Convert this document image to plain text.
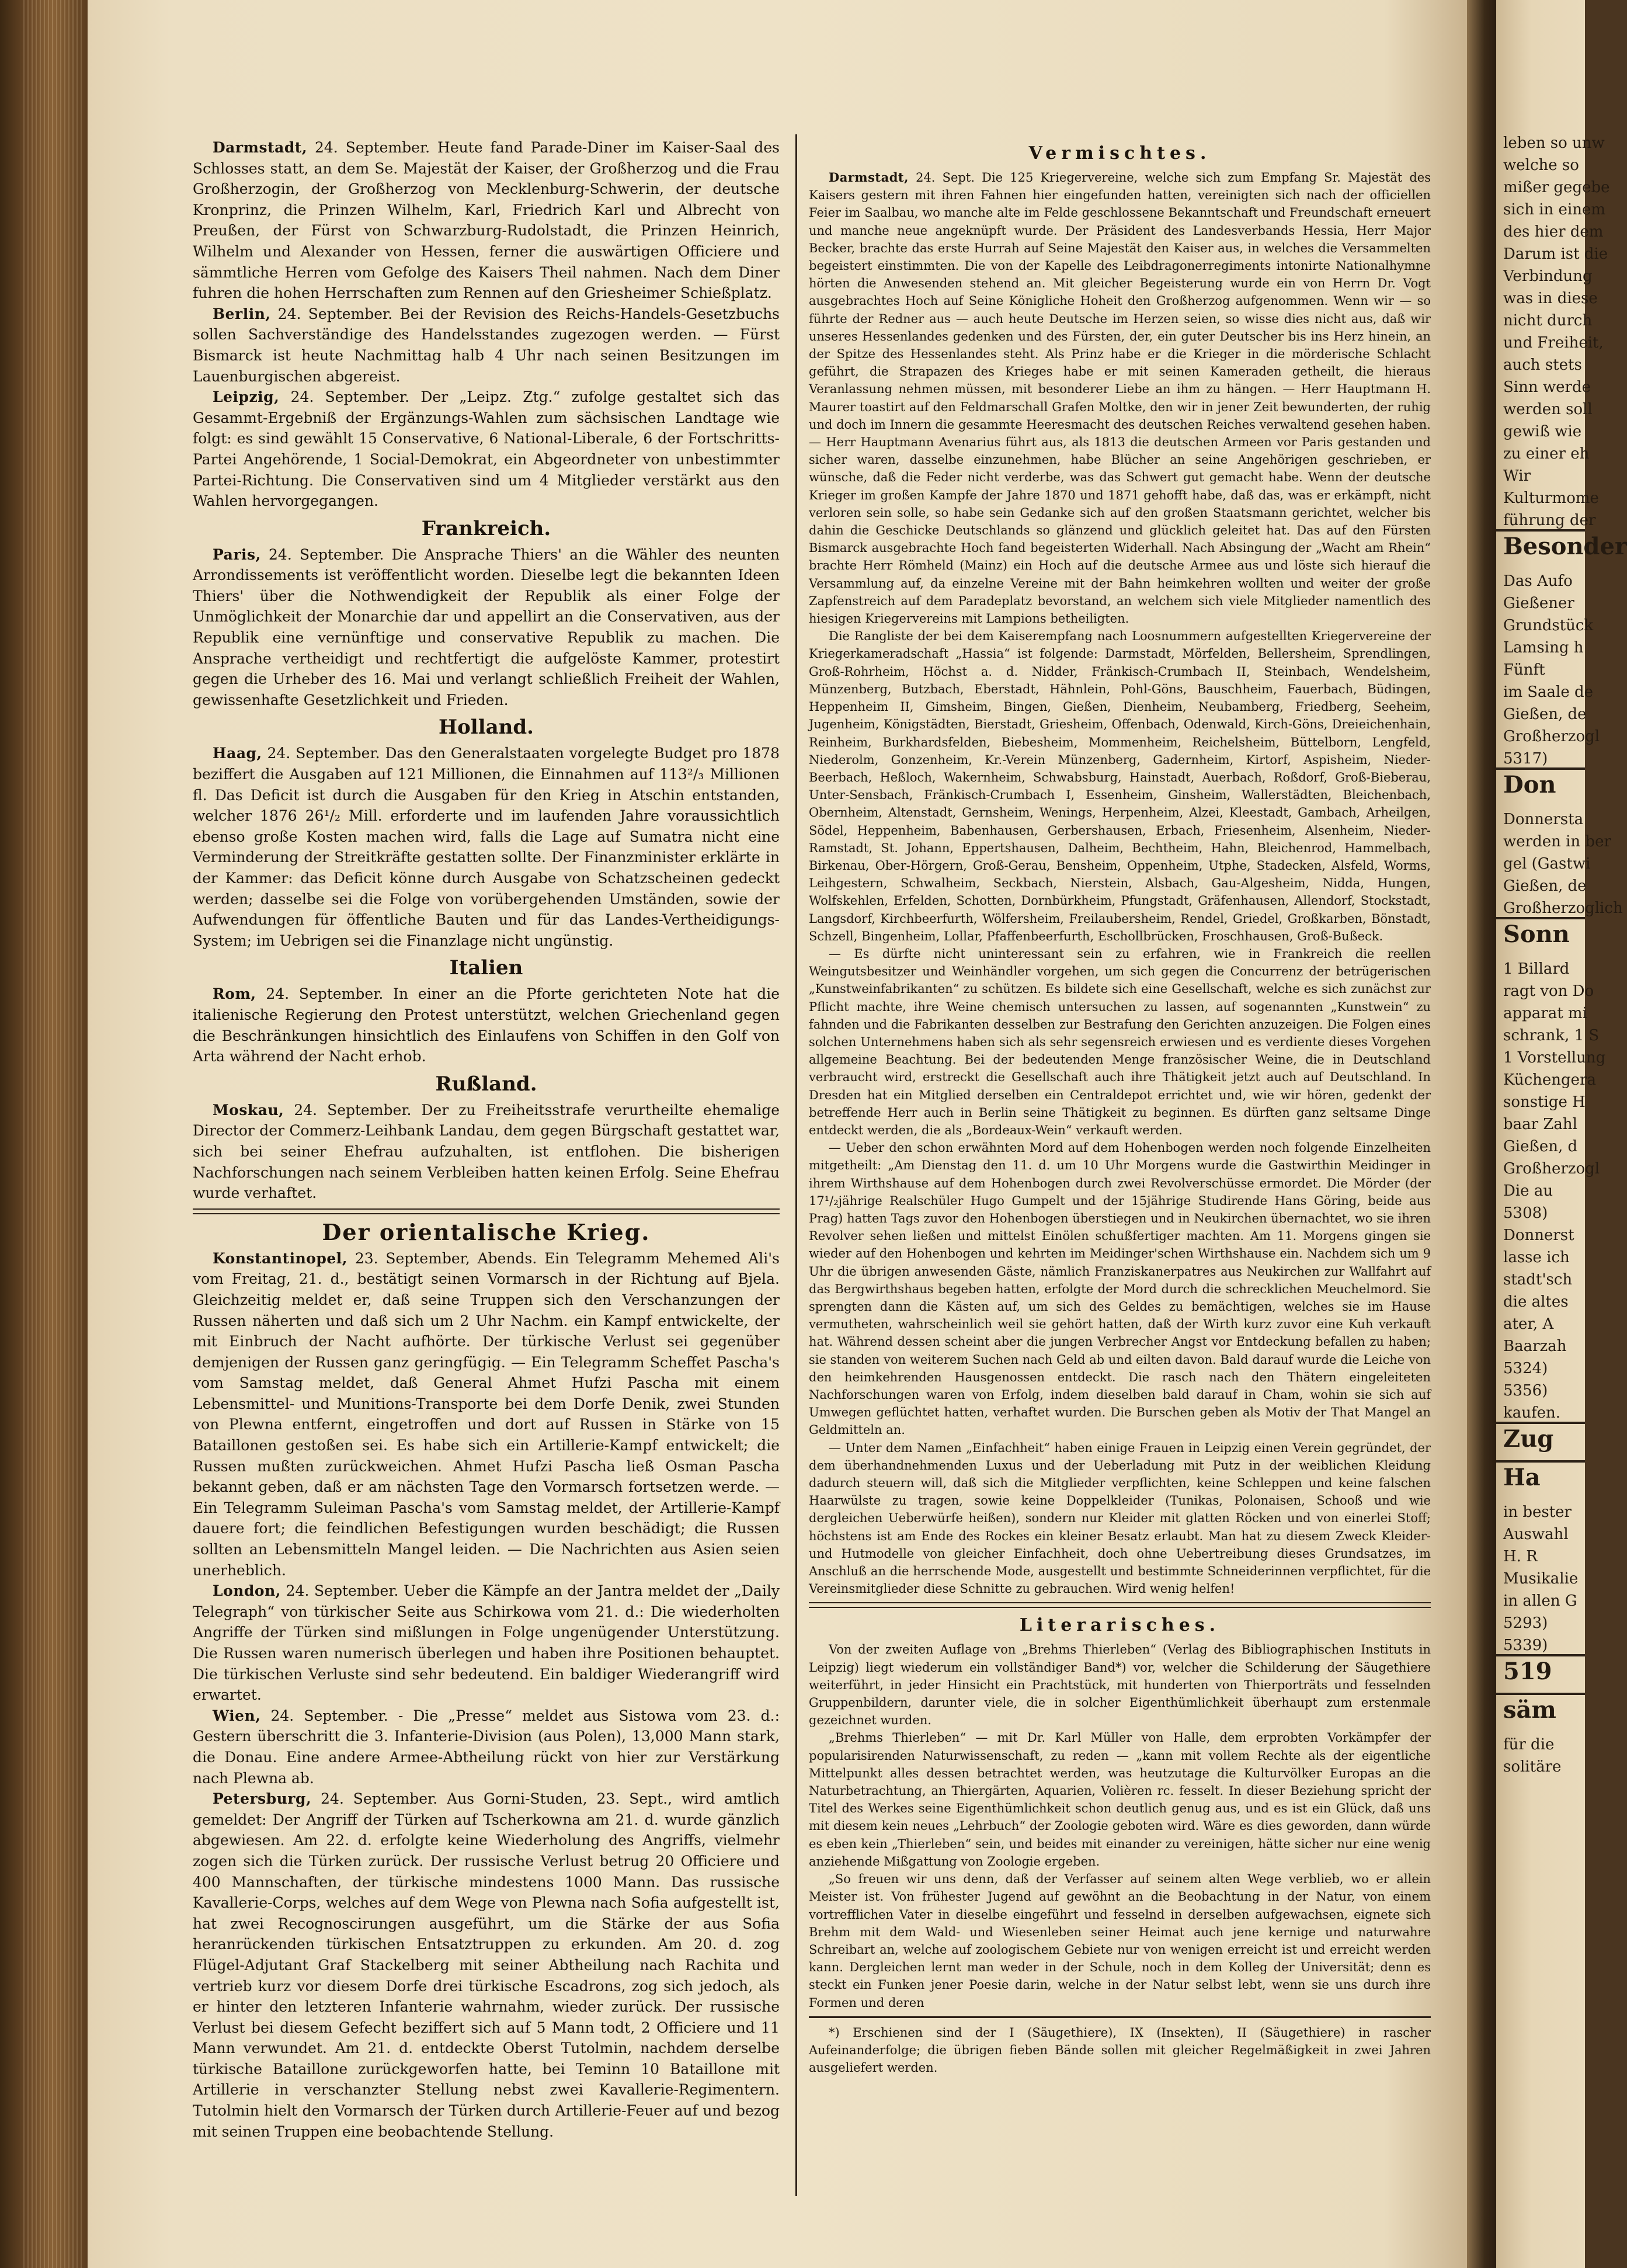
leben so unw
welche so
mißer gegebe
sich in einem
des hier dem
Darum ist die
Verbindung
was in diese
nicht durch
und Freiheit,
auch stets
Sinn werde
werden soll
gewiß wie
zu einer eh
Wir
Kulturmome
führung der
Besonder
Das Aufo
Gießener
Grundstück
Lamsing h
Fünft
im Saale de
Gießen, de
Großherzogl
5317)
Don
Donnersta
werden in ber
gel (Gastwi
Gießen, de
Großherzoglich
Sonn
1 Billard
ragt von Do
apparat mi
schrank, 1 S
1 Vorstellung
Küchengera
sonstige H
baar Zahl
Gießen, d
Großherzogl
Die au
5308)
Donnerst
lasse ich
stadt'sch
die altes
ater, A
Baarzah
5324)
5356)
kaufen.
Zug
Ha
in bester
Auswahl
H. R
Musikalie
in allen G
5293)
5339)
519
säm
für die
solitäre

Darmstadt, 24. September. Heute fand Parade-Diner im Kaiser-Saal des Schlosses statt, an dem Se. Majestät der Kaiser, der Großherzog und die Frau Großherzogin, der Großherzog von Mecklenburg-Schwerin, der deutsche Kronprinz, die Prinzen Wilhelm, Karl, Friedrich Karl und Albrecht von Preußen, der Fürst von Schwarzburg-Rudolstadt, die Prinzen Heinrich, Wilhelm und Alexander von Hessen, ferner die auswärtigen Officiere und sämmtliche Herren vom Gefolge des Kaisers Theil nahmen. Nach dem Diner fuhren die hohen Herrschaften zum Rennen auf den Griesheimer Schießplatz.

Berlin, 24. September. Bei der Revision des Reichs-Handels-Gesetzbuchs sollen Sachverständige des Handelsstandes zugezogen werden. — Fürst Bismarck ist heute Nachmittag halb 4 Uhr nach seinen Besitzungen im Lauenburgischen abgereist.

Leipzig, 24. September. Der „Leipz. Ztg.“ zufolge gestaltet sich das Gesammt-Ergebniß der Ergänzungs-Wahlen zum sächsischen Landtage wie folgt: es sind gewählt 15 Conservative, 6 National-Liberale, 6 der Fortschritts-Partei Angehörende, 1 Social-Demokrat, ein Abgeordneter von unbestimmter Partei-Richtung. Die Conservativen sind um 4 Mitglieder verstärkt aus den Wahlen hervorgegangen.

Frankreich.

Paris, 24. September. Die Ansprache Thiers' an die Wähler des neunten Arrondissements ist veröffentlicht worden. Dieselbe legt die bekannten Ideen Thiers' über die Nothwendigkeit der Republik als einer Folge der Unmöglichkeit der Monarchie dar und appellirt an die Conservativen, aus der Republik eine vernünftige und conservative Republik zu machen. Die Ansprache vertheidigt und rechtfertigt die aufgelöste Kammer, protestirt gegen die Urheber des 16. Mai und verlangt schließlich Freiheit der Wahlen, gewissenhafte Gesetzlichkeit und Frieden.

Holland.

Haag, 24. September. Das den Generalstaaten vorgelegte Budget pro 1878 beziffert die Ausgaben auf 121 Millionen, die Einnahmen auf 113²/₃ Millionen fl. Das Deficit ist durch die Ausgaben für den Krieg in Atschin entstanden, welcher 1876 26¹/₂ Mill. erforderte und im laufenden Jahre voraussichtlich ebenso große Kosten machen wird, falls die Lage auf Sumatra nicht eine Verminderung der Streitkräfte gestatten sollte. Der Finanzminister erklärte in der Kammer: das Deficit könne durch Ausgabe von Schatzscheinen gedeckt werden; dasselbe sei die Folge von vorübergehenden Umständen, sowie der Aufwendungen für öffentliche Bauten und für das Landes-Vertheidigungs-System; im Uebrigen sei die Finanzlage nicht ungünstig.

Italien

Rom, 24. September. In einer an die Pforte gerichteten Note hat die italienische Regierung den Protest unterstützt, welchen Griechenland gegen die Beschränkungen hinsichtlich des Einlaufens von Schiffen in den Golf von Arta während der Nacht erhob.

Rußland.

Moskau, 24. September. Der zu Freiheitsstrafe verurtheilte ehemalige Director der Commerz-Leihbank Landau, dem gegen Bürgschaft gestattet war, sich bei seiner Ehefrau aufzuhalten, ist entflohen. Die bisherigen Nachforschungen nach seinem Verbleiben hatten keinen Erfolg. Seine Ehefrau wurde verhaftet.

Der orientalische Krieg.

Konstantinopel, 23. September, Abends. Ein Telegramm Mehemed Ali's vom Freitag, 21. d., bestätigt seinen Vormarsch in der Richtung auf Bjela. Gleichzeitig meldet er, daß seine Truppen sich den Verschanzungen der Russen näherten und daß sich um 2 Uhr Nachm. ein Kampf entwickelte, der mit Einbruch der Nacht aufhörte. Der türkische Verlust sei gegenüber demjenigen der Russen ganz geringfügig. — Ein Telegramm Scheffet Pascha's vom Samstag meldet, daß General Ahmet Hufzi Pascha mit einem Lebensmittel- und Munitions-Transporte bei dem Dorfe Denik, zwei Stunden von Plewna entfernt, eingetroffen und dort auf Russen in Stärke von 15 Bataillonen gestoßen sei. Es habe sich ein Artillerie-Kampf entwickelt; die Russen mußten zurückweichen. Ahmet Hufzi Pascha ließ Osman Pascha bekannt geben, daß er am nächsten Tage den Vormarsch fortsetzen werde. — Ein Telegramm Suleiman Pascha's vom Samstag meldet, der Artillerie-Kampf dauere fort; die feindlichen Befestigungen wurden beschädigt; die Russen sollten an Lebensmitteln Mangel leiden. — Die Nachrichten aus Asien seien unerheblich.

London, 24. September. Ueber die Kämpfe an der Jantra meldet der „Daily Telegraph“ von türkischer Seite aus Schirkowa vom 21. d.: Die wiederholten Angriffe der Türken sind mißlungen in Folge ungenügender Unterstützung. Die Russen waren numerisch überlegen und haben ihre Positionen behauptet. Die türkischen Verluste sind sehr bedeutend. Ein baldiger Wiederangriff wird erwartet.

Wien, 24. September. - Die „Presse“ meldet aus Sistowa vom 23. d.: Gestern überschritt die 3. Infanterie-Division (aus Polen), 13,000 Mann stark, die Donau. Eine andere Armee-Abtheilung rückt von hier zur Verstärkung nach Plewna ab.

Petersburg, 24. September. Aus Gorni-Studen, 23. Sept., wird amtlich gemeldet: Der Angriff der Türken auf Tscherkowna am 21. d. wurde gänzlich abgewiesen. Am 22. d. erfolgte keine Wiederholung des Angriffs, vielmehr zogen sich die Türken zurück. Der russische Verlust betrug 20 Officiere und 400 Mannschaften, der türkische mindestens 1000 Mann. Das russische Kavallerie-Corps, welches auf dem Wege von Plewna nach Sofia aufgestellt ist, hat zwei Recognoscirungen ausgeführt, um die Stärke der aus Sofia heranrückenden türkischen Entsatztruppen zu erkunden. Am 20. d. zog Flügel-Adjutant Graf Stackelberg mit seiner Abtheilung nach Rachita und vertrieb kurz vor diesem Dorfe drei türkische Escadrons, zog sich jedoch, als er hinter den letzteren Infanterie wahrnahm, wieder zurück. Der russische Verlust bei diesem Gefecht beziffert sich auf 5 Mann todt, 2 Officiere und 11 Mann verwundet. Am 21. d. entdeckte Oberst Tutolmin, nachdem derselbe türkische Bataillone zurückgeworfen hatte, bei Teminn 10 Bataillone mit Artillerie in verschanzter Stellung nebst zwei Kavallerie-Regimentern. Tutolmin hielt den Vormarsch der Türken durch Artillerie-Feuer auf und bezog mit seinen Truppen eine beobachtende Stellung.

Vermischtes.

Darmstadt, 24. Sept. Die 125 Kriegervereine, welche sich zum Empfang Sr. Majestät des Kaisers gestern mit ihren Fahnen hier eingefunden hatten, vereinigten sich nach der officiellen Feier im Saalbau, wo manche alte im Felde geschlossene Bekanntschaft und Freundschaft erneuert und manche neue angeknüpft wurde. Der Präsident des Landesverbands Hessia, Herr Major Becker, brachte das erste Hurrah auf Seine Majestät den Kaiser aus, in welches die Versammelten begeistert einstimmten. Die von der Kapelle des Leibdragonerregiments intonirte Nationalhymne hörten die Anwesenden stehend an. Mit gleicher Begeisterung wurde ein von Herrn Dr. Vogt ausgebrachtes Hoch auf Seine Königliche Hoheit den Großherzog aufgenommen. Wenn wir — so führte der Redner aus — auch heute Deutsche im Herzen seien, so wisse dies nicht aus, daß wir unseres Hessenlandes gedenken und des Fürsten, der, ein guter Deutscher bis ins Herz hinein, an der Spitze des Hessenlandes steht. Als Prinz habe er die Krieger in die mörderische Schlacht geführt, die Strapazen des Krieges habe er mit seinen Kameraden getheilt, die hieraus Veranlassung nehmen müssen, mit besonderer Liebe an ihm zu hängen. — Herr Hauptmann H. Maurer toastirt auf den Feldmarschall Grafen Moltke, den wir in jener Zeit bewunderten, der ruhig und doch im Innern die gesammte Heeresmacht des deutschen Reiches verwaltend gesehen haben. — Herr Hauptmann Avenarius führt aus, als 1813 die deutschen Armeen vor Paris gestanden und sicher waren, dasselbe einzunehmen, habe Blücher an seine Angehörigen geschrieben, er wünsche, daß die Feder nicht verderbe, was das Schwert gut gemacht habe. Wenn der deutsche Krieger im großen Kampfe der Jahre 1870 und 1871 gehofft habe, daß das, was er erkämpft, nicht verloren sein solle, so habe sein Gedanke sich auf den großen Staatsmann gerichtet, welcher bis dahin die Geschicke Deutschlands so glänzend und glücklich geleitet hat. Das auf den Fürsten Bismarck ausgebrachte Hoch fand begeisterten Widerhall. Nach Absingung der „Wacht am Rhein“ brachte Herr Römheld (Mainz) ein Hoch auf die deutsche Armee aus und löste sich hierauf die Versammlung auf, da einzelne Vereine mit der Bahn heimkehren wollten und weiter der große Zapfenstreich auf dem Paradeplatz bevorstand, an welchem sich viele Mitglieder namentlich des hiesigen Kriegervereins mit Lampions betheiligten.

Die Rangliste der bei dem Kaiserempfang nach Loosnummern aufgestellten Kriegervereine der Kriegerkameradschaft „Hassia“ ist folgende: Darmstadt, Mörfelden, Bellersheim, Sprendlingen, Groß-Rohrheim, Höchst a. d. Nidder, Fränkisch-Crumbach II, Steinbach, Wendelsheim, Münzenberg, Butzbach, Eberstadt, Hähnlein, Pohl-Göns, Bauschheim, Fauerbach, Büdingen, Heppenheim II, Gimsheim, Bingen, Gießen, Dienheim, Neubamberg, Friedberg, Seeheim, Jugenheim, Königstädten, Bierstadt, Griesheim, Offenbach, Odenwald, Kirch-Göns, Dreieichenhain, Reinheim, Burkhardsfelden, Biebesheim, Mommenheim, Reichelsheim, Büttelborn, Lengfeld, Niederolm, Gonzenheim, Kr.-Verein Münzenberg, Gadernheim, Kirtorf, Aspisheim, Nieder-Beerbach, Heßloch, Wakernheim, Schwabsburg, Hainstadt, Auerbach, Roßdorf, Groß-Bieberau, Unter-Sensbach, Fränkisch-Crumbach I, Essenheim, Ginsheim, Wallerstädten, Bleichenbach, Obernheim, Altenstadt, Gernsheim, Wenings, Herpenheim, Alzei, Kleestadt, Gambach, Arheilgen, Södel, Heppenheim, Babenhausen, Gerbershausen, Erbach, Friesenheim, Alsenheim, Nieder-Ramstadt, St. Johann, Eppertshausen, Dalheim, Bechtheim, Hahn, Bleichenrod, Hammelbach, Birkenau, Ober-Hörgern, Groß-Gerau, Bensheim, Oppenheim, Utphe, Stadecken, Alsfeld, Worms, Leihgestern, Schwalheim, Seckbach, Nierstein, Alsbach, Gau-Algesheim, Nidda, Hungen, Wolfskehlen, Erfelden, Schotten, Dornbürkheim, Pfungstadt, Gräfenhausen, Allendorf, Stockstadt, Langsdorf, Kirchbeerfurth, Wölfersheim, Freilaubersheim, Rendel, Griedel, Großkarben, Bönstadt, Schzell, Bingenheim, Lollar, Pfaffenbeerfurth, Eschollbrücken, Froschhausen, Groß-Bußeck.

— Es dürfte nicht uninteressant sein zu erfahren, wie in Frankreich die reellen Weingutsbesitzer und Weinhändler vorgehen, um sich gegen die Concurrenz der betrügerischen „Kunstweinfabrikanten“ zu schützen. Es bildete sich eine Gesellschaft, welche es sich zunächst zur Pflicht machte, ihre Weine chemisch untersuchen zu lassen, auf sogenannten „Kunstwein“ zu fahnden und die Fabrikanten desselben zur Bestrafung den Gerichten anzuzeigen. Die Folgen eines solchen Unternehmens haben sich als sehr segensreich erwiesen und es verdiente dieses Vorgehen allgemeine Beachtung. Bei der bedeutenden Menge französischer Weine, die in Deutschland verbraucht wird, erstreckt die Gesellschaft auch ihre Thätigkeit jetzt auch auf Deutschland. In Dresden hat ein Mitglied derselben ein Centraldepot errichtet und, wie wir hören, gedenkt der betreffende Herr auch in Berlin seine Thätigkeit zu beginnen. Es dürften ganz seltsame Dinge entdeckt werden, die als „Bordeaux-Wein“ verkauft werden.

— Ueber den schon erwähnten Mord auf dem Hohenbogen werden noch folgende Einzelheiten mitgetheilt: „Am Dienstag den 11. d. um 10 Uhr Morgens wurde die Gastwirthin Meidinger in ihrem Wirthshause auf dem Hohenbogen durch zwei Revolverschüsse ermordet. Die Mörder (der 17¹/₂jährige Realschüler Hugo Gumpelt und der 15jährige Studirende Hans Göring, beide aus Prag) hatten Tags zuvor den Hohenbogen überstiegen und in Neukirchen übernachtet, wo sie ihren Revolver sehen ließen und mittelst Einölen schußfertiger machten. Am 11. Morgens gingen sie wieder auf den Hohenbogen und kehrten im Meidinger'schen Wirthshause ein. Nachdem sich um 9 Uhr die übrigen anwesenden Gäste, nämlich Franziskanerpatres aus Neukirchen zur Wallfahrt auf das Bergwirthshaus begeben hatten, erfolgte der Mord durch die schrecklichen Meuchelmord. Sie sprengten dann die Kästen auf, um sich des Geldes zu bemächtigen, welches sie im Hause vermutheten, wahrscheinlich weil sie gehört hatten, daß der Wirth kurz zuvor eine Kuh verkauft hat. Während dessen scheint aber die jungen Verbrecher Angst vor Entdeckung befallen zu haben; sie standen von weiterem Suchen nach Geld ab und eilten davon. Bald darauf wurde die Leiche von den heimkehrenden Hausgenossen entdeckt. Die rasch nach den Thätern eingeleiteten Nachforschungen waren von Erfolg, indem dieselben bald darauf in Cham, wohin sie sich auf Umwegen geflüchtet hatten, verhaftet wurden. Die Burschen geben als Motiv der That Mangel an Geldmitteln an.

— Unter dem Namen „Einfachheit“ haben einige Frauen in Leipzig einen Verein gegründet, der dem überhandnehmenden Luxus und der Ueberladung mit Putz in der weiblichen Kleidung dadurch steuern will, daß sich die Mitglieder verpflichten, keine Schleppen und keine falschen Haarwülste zu tragen, sowie keine Doppelkleider (Tunikas, Polonaisen, Schooß und wie dergleichen Ueberwürfe heißen), sondern nur Kleider mit glatten Röcken und von einerlei Stoff; höchstens ist am Ende des Rockes ein kleiner Besatz erlaubt. Man hat zu diesem Zweck Kleider- und Hutmodelle von gleicher Einfachheit, doch ohne Uebertreibung dieses Grundsatzes, im Anschluß an die herrschende Mode, ausgestellt und bestimmte Schneiderinnen verpflichtet, für die Vereinsmitglieder diese Schnitte zu gebrauchen. Wird wenig helfen!

Literarisches.

Von der zweiten Auflage von „Brehms Thierleben“ (Verlag des Bibliographischen Instituts in Leipzig) liegt wiederum ein vollständiger Band*) vor, welcher die Schilderung der Säugethiere weiterführt, in jeder Hinsicht ein Prachtstück, mit hunderten von Thierporträts und fesselnden Gruppenbildern, darunter viele, die in solcher Eigenthümlichkeit überhaupt zum erstenmale gezeichnet wurden.

„Brehms Thierleben“ — mit Dr. Karl Müller von Halle, dem erprobten Vorkämpfer der popularisirenden Naturwissenschaft, zu reden — „kann mit vollem Rechte als der eigentliche Mittelpunkt alles dessen betrachtet werden, was heutzutage die Kulturvölker Europas an die Naturbetrachtung, an Thiergärten, Aquarien, Volièren rc. fesselt. In dieser Beziehung spricht der Titel des Werkes seine Eigenthümlichkeit schon deutlich genug aus, und es ist ein Glück, daß uns mit diesem kein neues „Lehrbuch“ der Zoologie geboten wird. Wäre es dies geworden, dann würde es eben kein „Thierleben“ sein, und beides mit einander zu vereinigen, hätte sicher nur eine wenig anziehende Mißgattung von Zoologie ergeben.

„So freuen wir uns denn, daß der Verfasser auf seinem alten Wege verblieb, wo er allein Meister ist. Von frühester Jugend auf gewöhnt an die Beobachtung in der Natur, von einem vortrefflichen Vater in dieselbe eingeführt und fesselnd in derselben aufgewachsen, eignete sich Brehm mit dem Wald- und Wiesenleben seiner Heimat auch jene kernige und naturwahre Schreibart an, welche auf zoologischem Gebiete nur von wenigen erreicht ist und erreicht werden kann. Dergleichen lernt man weder in der Schule, noch in dem Kolleg der Universität; denn es steckt ein Funken jener Poesie darin, welche in der Natur selbst lebt, wenn sie uns durch ihre Formen und deren

*) Erschienen sind der I (Säugethiere), IX (Insekten), II (Säugethiere) in rascher Aufeinanderfolge; die übrigen fieben Bände sollen mit gleicher Regelmäßigkeit in zwei Jahren ausgeliefert werden.
